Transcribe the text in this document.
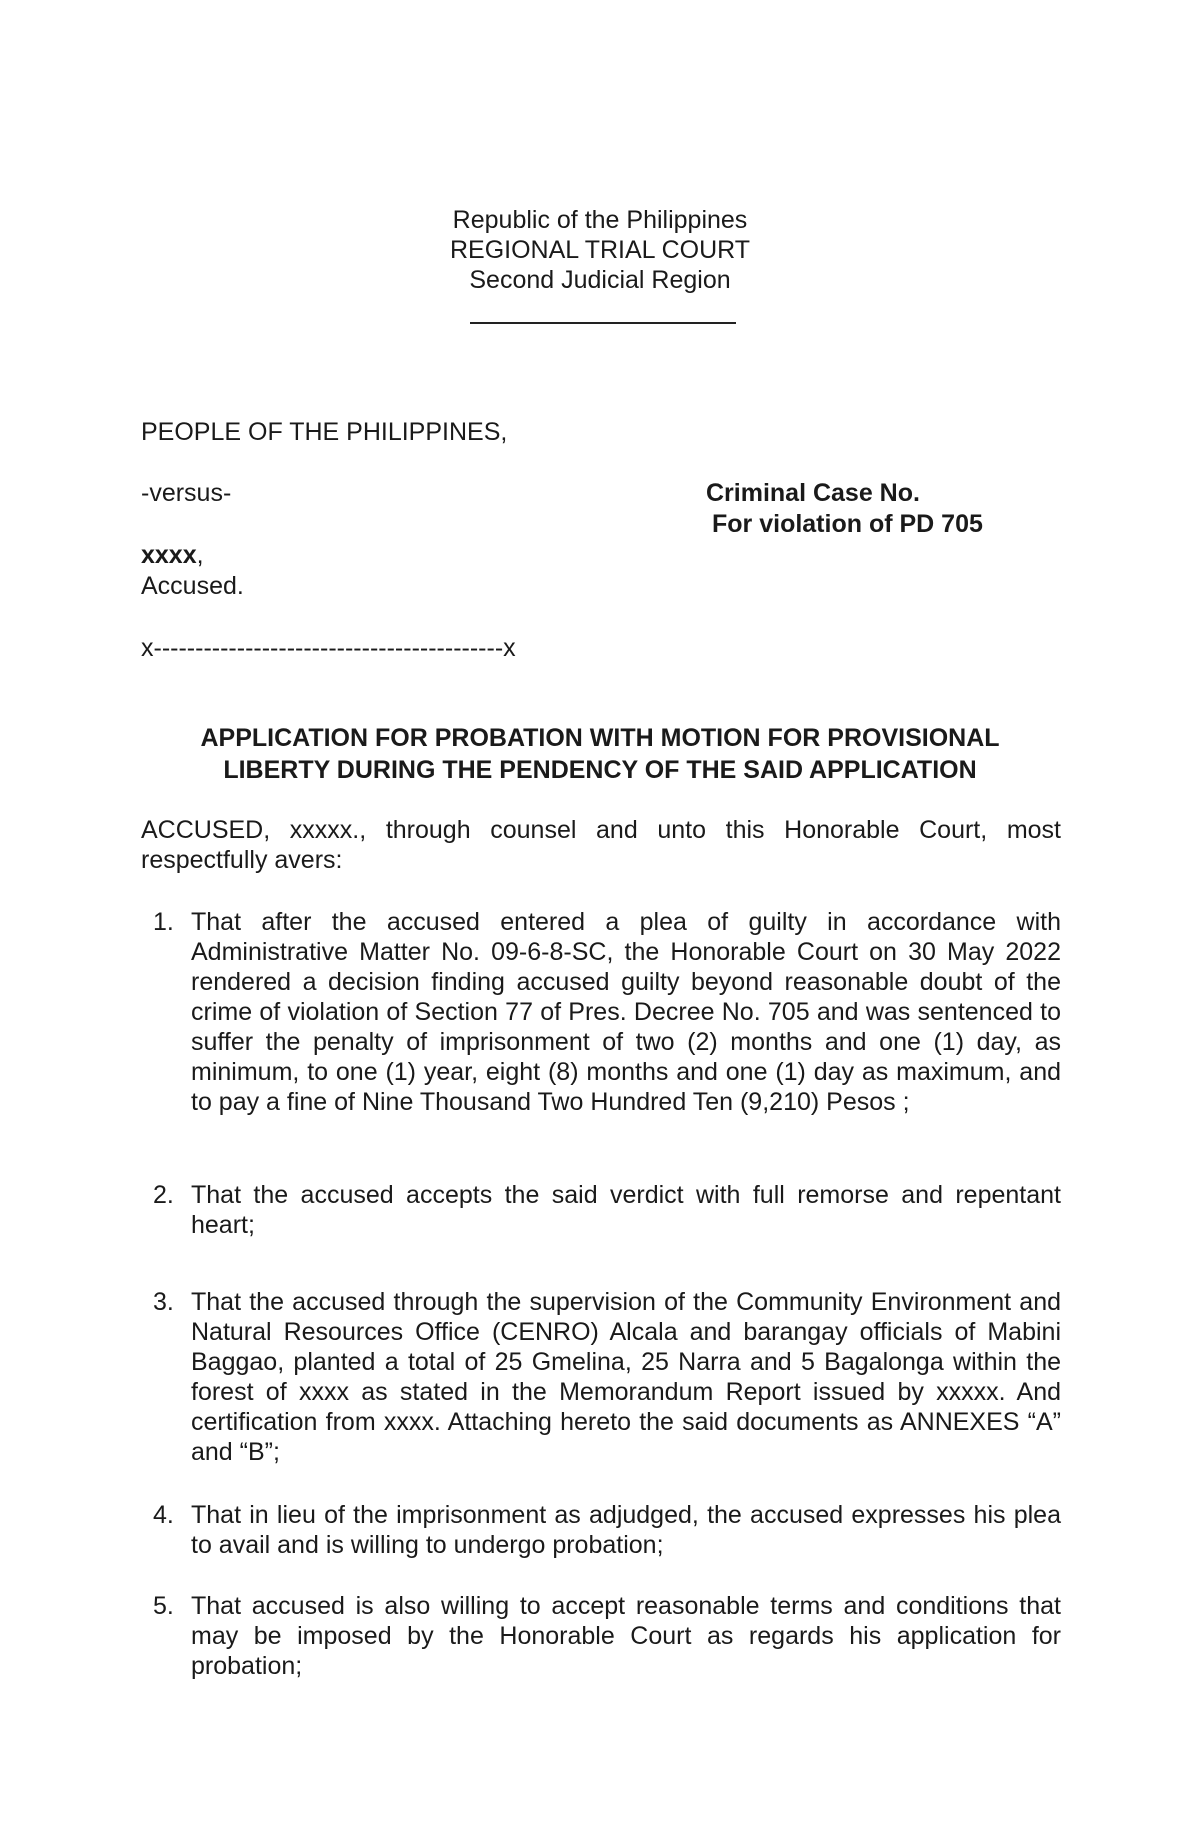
Republic of the Philippines
REGIONAL TRIAL COURT
Second Judicial Region
PEOPLE OF THE PHILIPPINES,
-versus-
xxxx,
Accused.
x------------------------------------------x
Criminal Case No.
For violation of PD 705
APPLICATION FOR PROBATION WITH MOTION FOR PROVISIONAL
LIBERTY DURING THE PENDENCY OF THE SAID APPLICATION
ACCUSED, xxxxx., through counsel and unto this Honorable Court, most respectfully avers:
1. That after the accused entered a plea of guilty in accordance with Administrative Matter No. 09-6-8-SC, the Honorable Court on 30 May 2022 rendered a decision finding accused guilty beyond reasonable doubt of the crime of violation of Section 77 of Pres. Decree No. 705 and was sentenced to suffer the penalty of imprisonment of two (2) months and one (1) day, as minimum, to one (1) year, eight (8) months and one (1) day as maximum, and to pay a fine of Nine Thousand Two Hundred Ten (9,210) Pesos ;
2. That the accused accepts the said verdict with full remorse and repentant heart;
3. That the accused through the supervision of the Community Environment and Natural Resources Office (CENRO) Alcala and barangay officials of Mabini Baggao, planted a total of 25 Gmelina, 25 Narra and 5 Bagalonga within the forest of xxxx as stated in the Memorandum Report issued by xxxxx. And certification from xxxx. Attaching hereto the said documents as ANNEXES “A” and “B”;
4. That in lieu of the imprisonment as adjudged, the accused expresses his plea to avail and is willing to undergo probation;
5. That accused is also willing to accept reasonable terms and conditions that may be imposed by the Honorable Court as regards his application for probation;
